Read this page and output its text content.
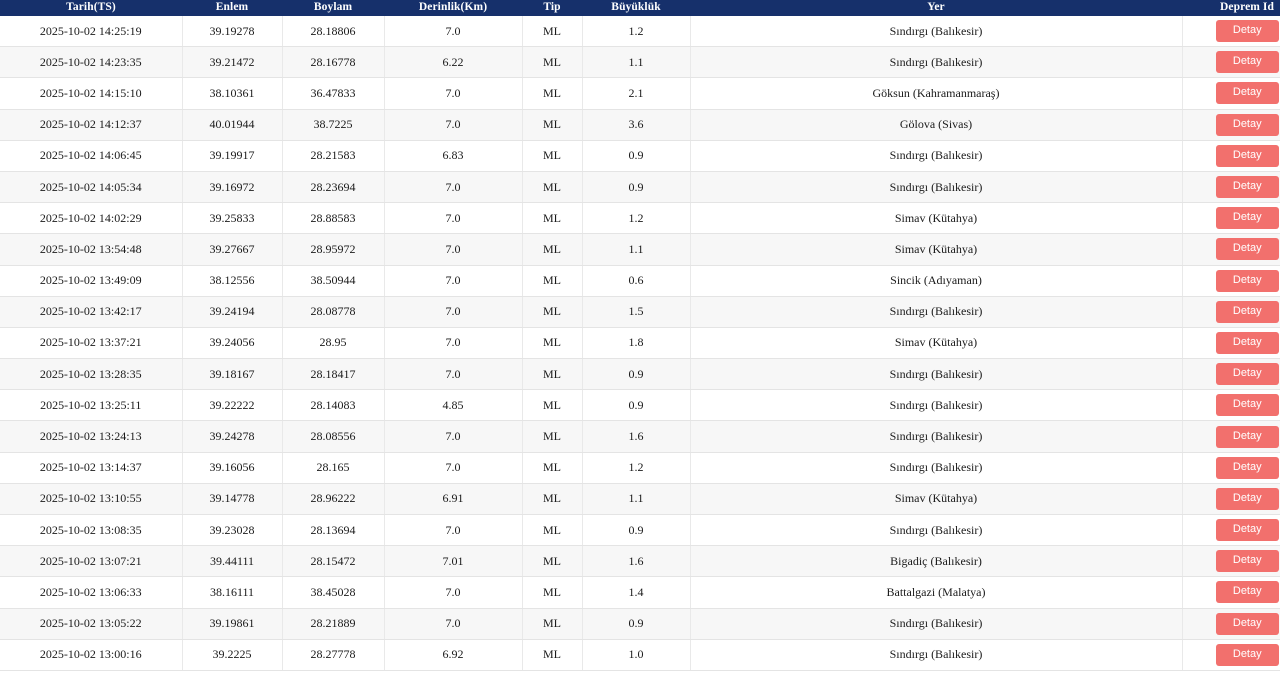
Tarih(TS)	Enlem	Boylam	Derinlik(Km)	Tip	Büyüklük	Yer	Deprem Id
2025-10-02 14:25:19	39.19278	28.18806	7.0	ML	1.2	Sındırgı (Balıkesir)	Detay
2025-10-02 14:23:35	39.21472	28.16778	6.22	ML	1.1	Sındırgı (Balıkesir)	Detay
2025-10-02 14:15:10	38.10361	36.47833	7.0	ML	2.1	Göksun (Kahramanmaraş)	Detay
2025-10-02 14:12:37	40.01944	38.7225	7.0	ML	3.6	Gölova (Sivas)	Detay
2025-10-02 14:06:45	39.19917	28.21583	6.83	ML	0.9	Sındırgı (Balıkesir)	Detay
2025-10-02 14:05:34	39.16972	28.23694	7.0	ML	0.9	Sındırgı (Balıkesir)	Detay
2025-10-02 14:02:29	39.25833	28.88583	7.0	ML	1.2	Simav (Kütahya)	Detay
2025-10-02 13:54:48	39.27667	28.95972	7.0	ML	1.1	Simav (Kütahya)	Detay
2025-10-02 13:49:09	38.12556	38.50944	7.0	ML	0.6	Sincik (Adıyaman)	Detay
2025-10-02 13:42:17	39.24194	28.08778	7.0	ML	1.5	Sındırgı (Balıkesir)	Detay
2025-10-02 13:37:21	39.24056	28.95	7.0	ML	1.8	Simav (Kütahya)	Detay
2025-10-02 13:28:35	39.18167	28.18417	7.0	ML	0.9	Sındırgı (Balıkesir)	Detay
2025-10-02 13:25:11	39.22222	28.14083	4.85	ML	0.9	Sındırgı (Balıkesir)	Detay
2025-10-02 13:24:13	39.24278	28.08556	7.0	ML	1.6	Sındırgı (Balıkesir)	Detay
2025-10-02 13:14:37	39.16056	28.165	7.0	ML	1.2	Sındırgı (Balıkesir)	Detay
2025-10-02 13:10:55	39.14778	28.96222	6.91	ML	1.1	Simav (Kütahya)	Detay
2025-10-02 13:08:35	39.23028	28.13694	7.0	ML	0.9	Sındırgı (Balıkesir)	Detay
2025-10-02 13:07:21	39.44111	28.15472	7.01	ML	1.6	Bigadiç (Balıkesir)	Detay
2025-10-02 13:06:33	38.16111	38.45028	7.0	ML	1.4	Battalgazi (Malatya)	Detay
2025-10-02 13:05:22	39.19861	28.21889	7.0	ML	0.9	Sındırgı (Balıkesir)	Detay
2025-10-02 13:00:16	39.2225	28.27778	6.92	ML	1.0	Sındırgı (Balıkesir)	Detay
